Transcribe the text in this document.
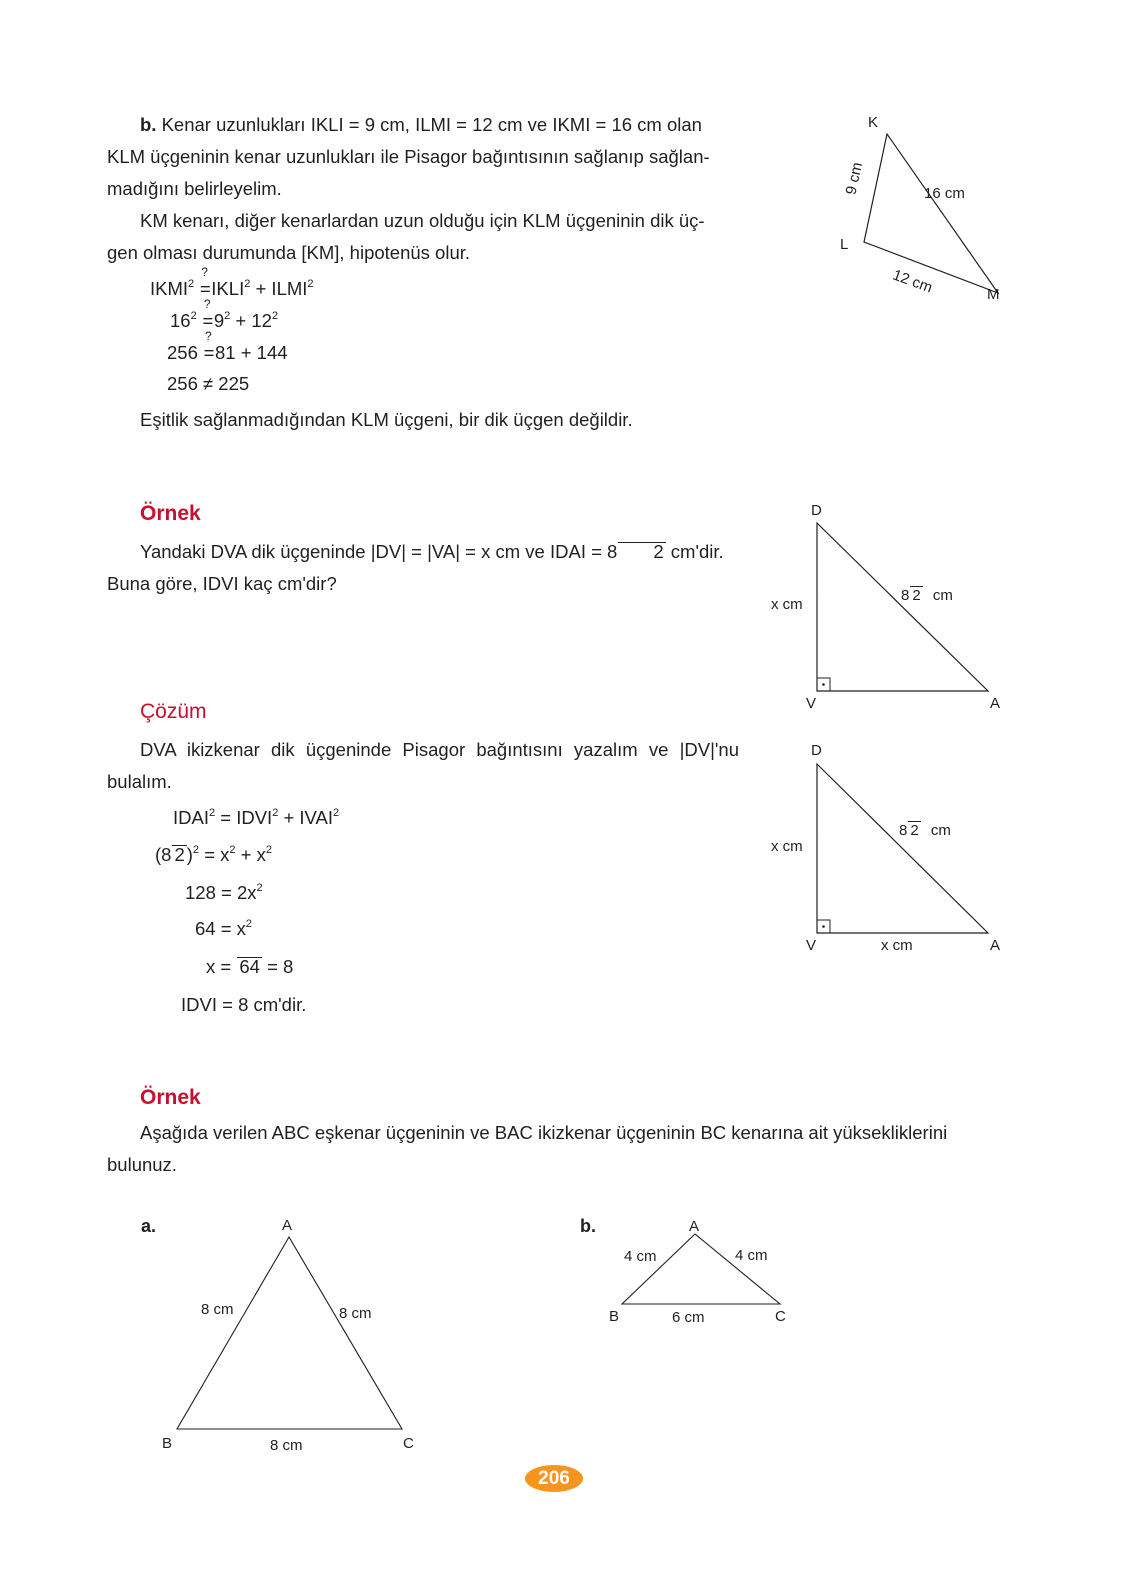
b. Kenar uzunlukları IKLI = 9 cm, ILMI = 12 cm ve IKMI = 16 cm olan

KLM üçgeninin kenar uzunlukları ile Pisagor bağıntısının sağlanıp sağlan-

madığını belirleyelim.

KM kenarı, diğer kenarlardan uzun olduğu için KLM üçgeninin dik üç-

gen olması durumunda [KM], hipotenüs olur.

IKMI$^2$
?
$=IKLI^2$ + $ILMI^2$
$16^2$
?
$=9^2 + 12^2$
256
?
=81 + 144
256 ≠ 225

Eşitlik sağlanmadığından KLM üçgeni, bir dik üçgen değildir.

K
L
M
9 cm	16 cm
12 cm
Örnek

Yandaki DVA dik üçgeninde |DV| = |VA| = x cm ve IDAI = 8 2 cm'dir.

Buna göre, IDVI kaç cm'dir?

D
V	A
x cm
8 2 cm
Çözüm

DVA ikizkenar dik üçgeninde Pisagor bağıntısını yazalım ve |DV|'nu

bulalım.

$IDAI^2$ = $IDVI^2$ + $IVAI^2$
(8 2 )$^2 = x^2 + x^2$
$128 = 2x^2$
$64 = x^2$
x = 64 = 8
IDVI = 8 cm'dir.
D
V	A
x cm
x cm
8 2 cm
Örnek

Aşağıda verilen ABC eşkenar üçgeninin ve BAC ikizkenar üçgeninin BC kenarına ait yüksekliklerini

bulunuz.

a.	A
B	C
8 cm	8 cm
8 cm
b.	A
B	C
4 cm	4 cm
6 cm
206
